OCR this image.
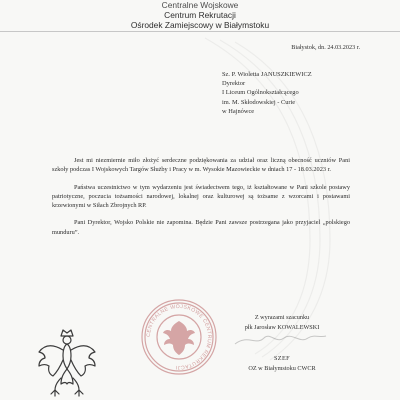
Centralne Wojskowe
Centrum Rekrutacji
Ośrodek Zamiejscowy w Białymstoku
Białystok, dn. 24.03.2023 r.
Sz. P. Wioletta JANUSZKIEWICZ
Dyrektor
I Liceum Ogólnokształcącego
im. M. Skłodowskiej - Curie
w Hajnówce

Jest mi niezmiernie miło złożyć serdeczne podziękowania za udział oraz liczną obecność uczniów Pani szkoły podczas I Wojskowych Targów Służby i Pracy w m. Wysokie Mazowieckie w dniach 17 - 18.03.2023 r.

Państwa uczestnictwo w tym wydarzeniu jest świadectwem tego, iż kształtowane w Pani szkole postawy patriotyczne, poczucia tożsamości narodowej, lokalnej oraz kulturowej są tożsame z wzorcami i postawami krzewionymi w Siłach Zbrojnych RP.

Pani Dyrektor, Wojsko Polskie nie zapomina. Będzie Pani zawsze postrzegana jako przyjaciel „polskiego munduru”.

CENTRALNE WOJSKOWE CENTRUM REKRUTACJI
Z wyrazami szacunku
płk Jarosław KOWALEWSKI
SZEF
OZ w Białymstoku CWCR
